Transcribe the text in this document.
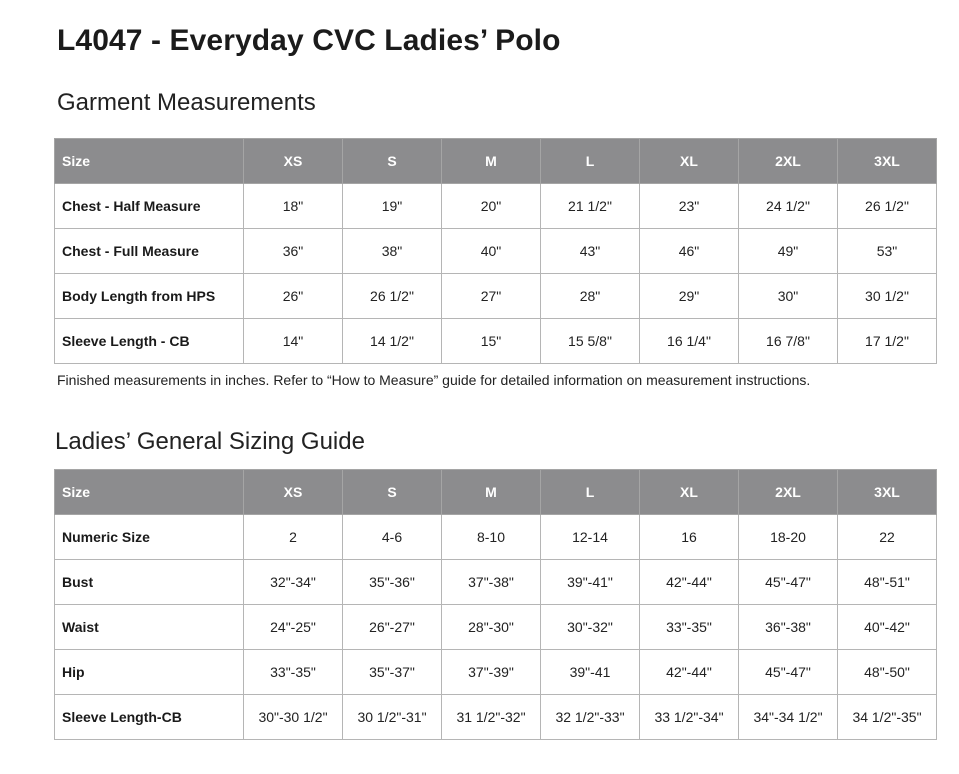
L4047 - Everyday CVC Ladies’ Polo
Garment Measurements
Size	XS	S	M	L	XL	2XL	3XL
Chest - Half Measure	18"	19"	20"	21 1/2"	23"	24 1/2"	26 1/2"
Chest - Full Measure	36"	38"	40"	43"	46"	49"	53"
Body Length from HPS	26"	26 1/2"	27"	28"	29"	30"	30 1/2"
Sleeve Length - CB	14"	14 1/2"	15"	15 5/8"	16 1/4"	16 7/8"	17 1/2"

Finished measurements in inches. Refer to “How to Measure” guide for detailed information on measurement instructions.

Ladies’ General Sizing Guide
Size	XS	S	M	L	XL	2XL	3XL
Numeric Size	2	4-6	8-10	12-14	16	18-20	22
Bust	32"-34"	35"-36"	37"-38"	39"-41"	42"-44"	45"-47"	48"-51"
Waist	24"-25"	26"-27"	28"-30"	30"-32"	33"-35"	36"-38"	40"-42"
Hip	33"-35"	35"-37"	37"-39"	39"-41	42"-44"	45"-47"	48"-50"
Sleeve Length-CB	30"-30 1/2"	30 1/2"-31"	31 1/2"-32"	32 1/2"-33"	33 1/2"-34"	34"-34 1/2"	34 1/2"-35"
